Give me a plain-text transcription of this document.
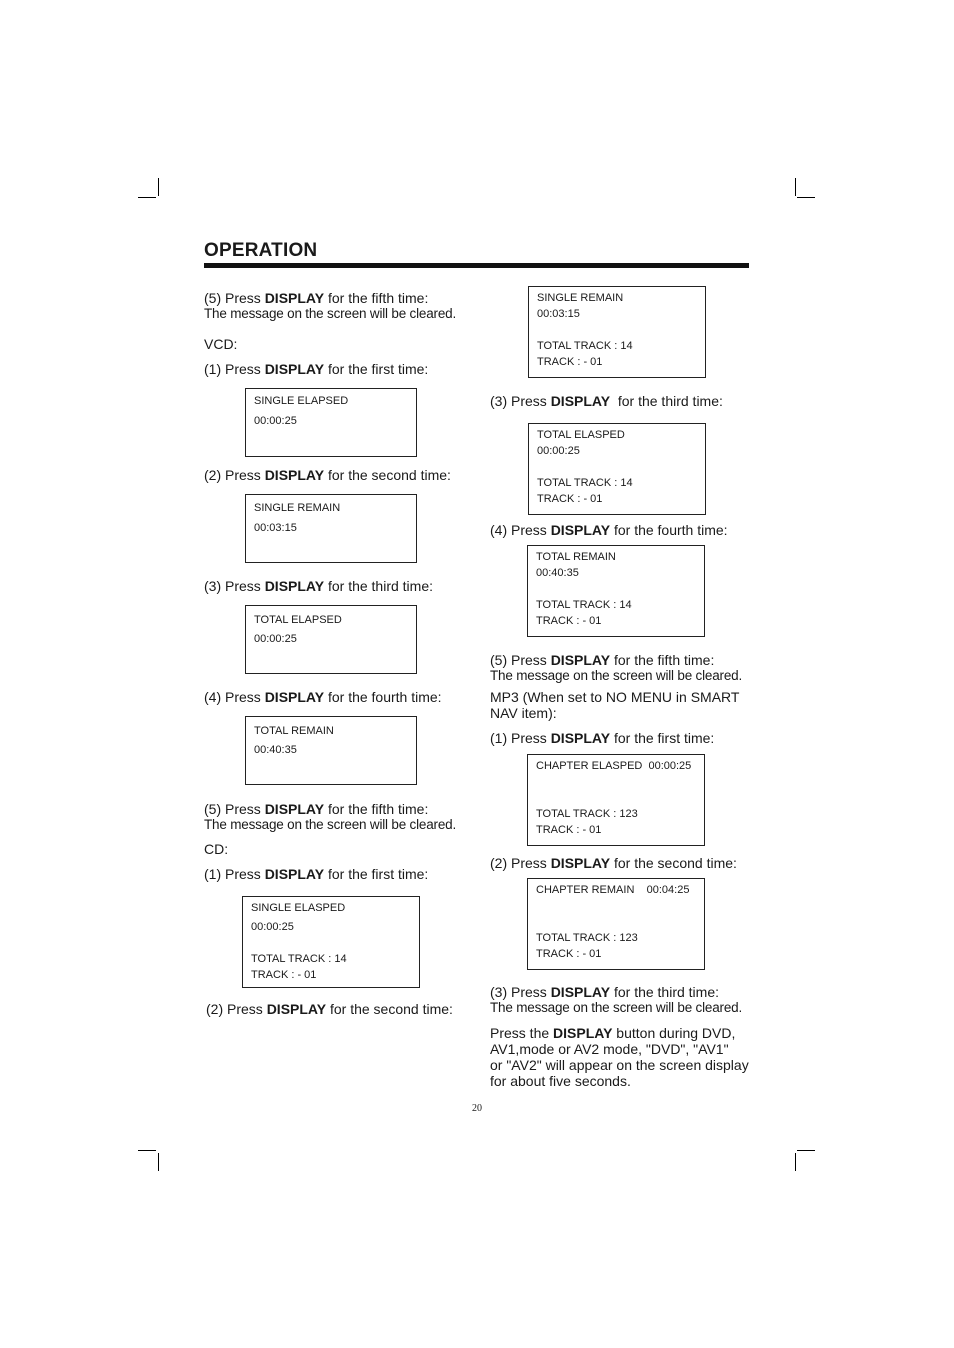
OPERATION
(5) Press DISPLAY for the fifth time:
The message on the screen will be cleared.
VCD:
(1) Press DISPLAY for the first time:
SINGLE ELAPSED
00:00:25
(2) Press DISPLAY for the second time:
SINGLE REMAIN
00:03:15
(3) Press DISPLAY for the third time:
TOTAL ELAPSED
00:00:25
(4) Press DISPLAY for the fourth time:
TOTAL REMAIN
00:40:35
(5) Press DISPLAY for the fifth time:
The message on the screen will be cleared.
CD:
(1) Press DISPLAY for the first time:
SINGLE ELASPED
00:00:25
TOTAL TRACK : 14
TRACK : - 01
(2) Press DISPLAY for the second time:
SINGLE REMAIN
00:03:15
TOTAL TRACK : 14
TRACK : - 01
(3) Press DISPLAY  for the third time:
TOTAL ELASPED
00:00:25
TOTAL TRACK : 14
TRACK : - 01
(4) Press DISPLAY for the fourth time:
TOTAL REMAIN
00:40:35
TOTAL TRACK : 14
TRACK : - 01
(5) Press DISPLAY for the fifth time:
The message on the screen will be cleared.
MP3 (When set to NO MENU in SMART
NAV item):
(1) Press DISPLAY for the first time:
CHAPTER ELASPED  00:00:25
TOTAL TRACK : 123
TRACK : - 01
(2) Press DISPLAY for the second time:
CHAPTER REMAIN    00:04:25
TOTAL TRACK : 123
TRACK : - 01
(3) Press DISPLAY for the third time:
The message on the screen will be cleared.
Press the DISPLAY button during DVD,
AV1,mode or AV2 mode, "DVD", "AV1"
or "AV2" will appear on the screen display
for about five seconds.
20
